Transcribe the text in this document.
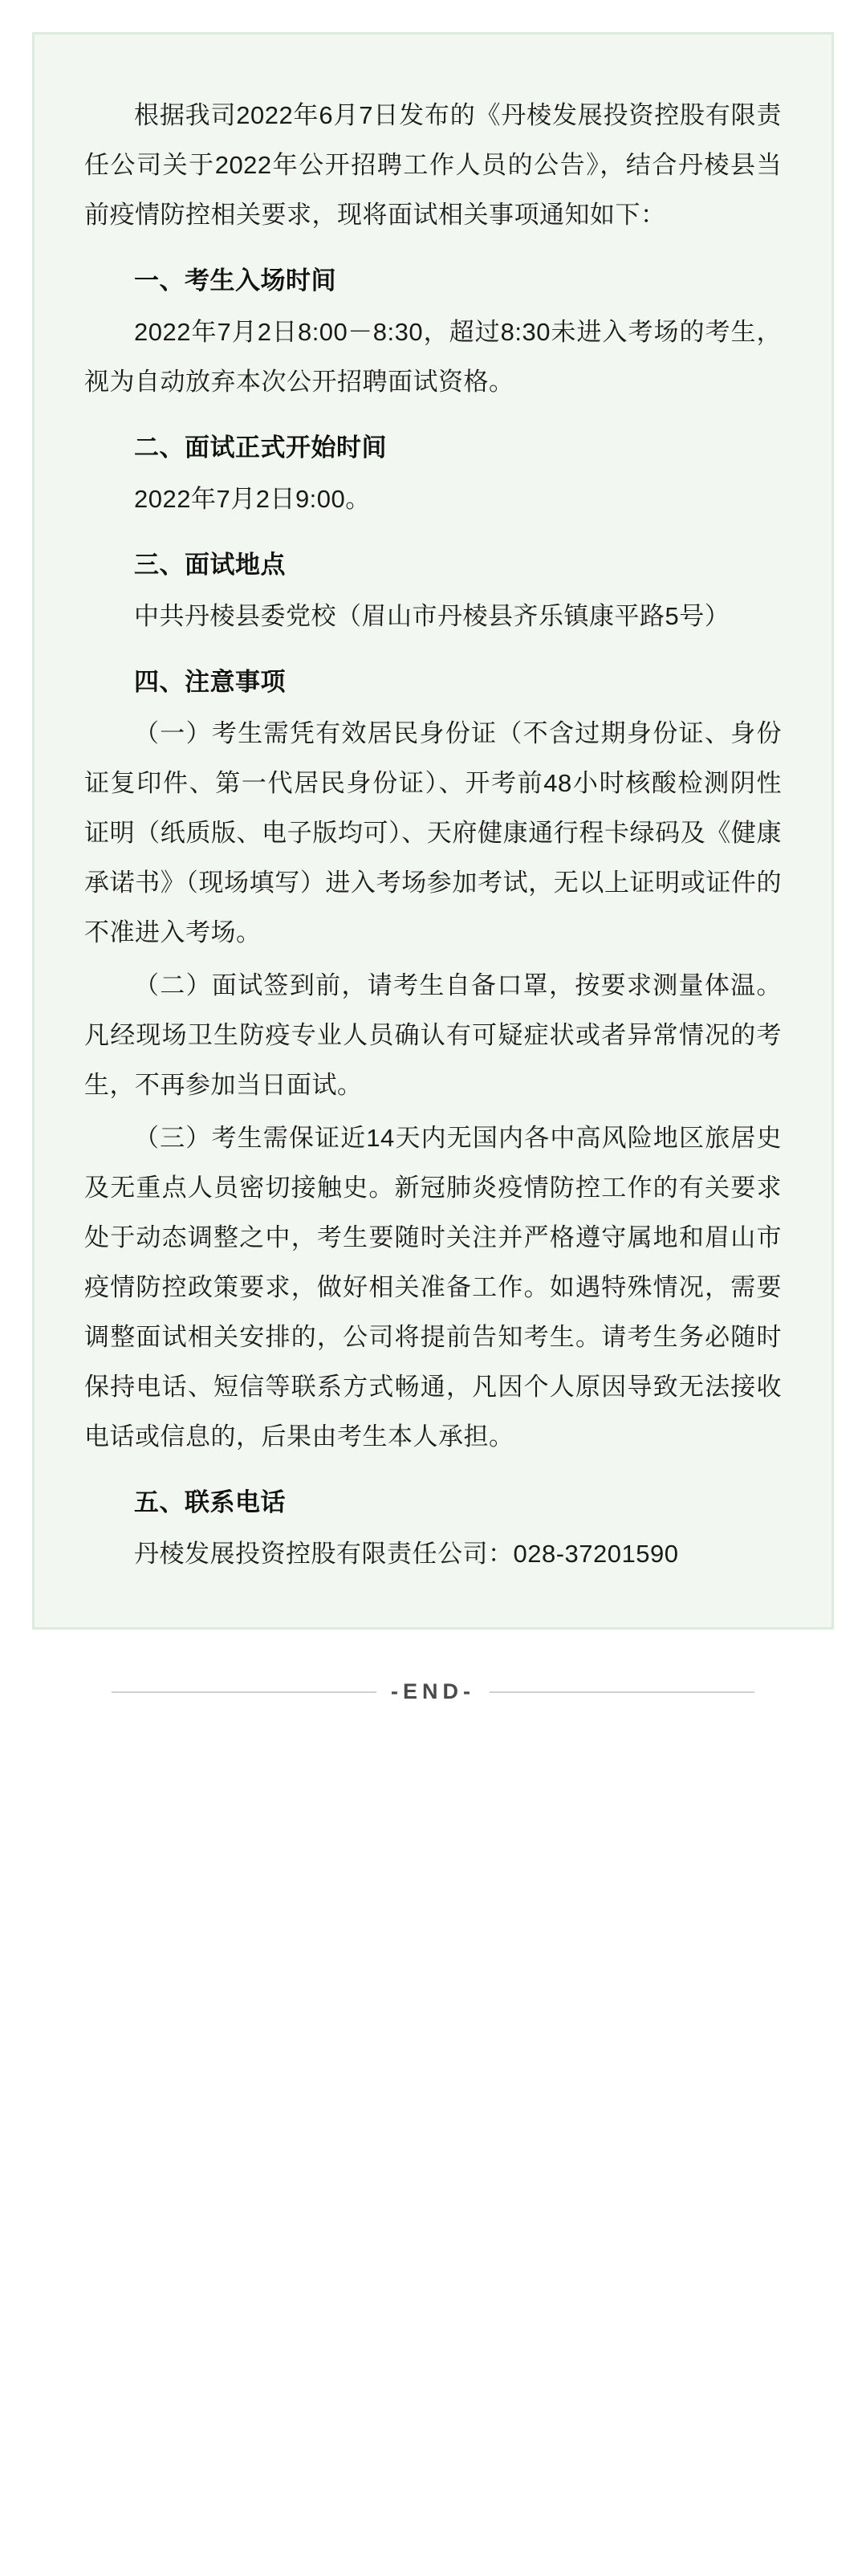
根据我司2022年6月7日发布的《丹棱发展投资控股有限责任公司关于2022年公开招聘工作人员的公告》，结合丹棱县当前疫情防控相关要求，现将面试相关事项通知如下：

一、考生入场时间

2022年7月2日8:00－8:30，超过8:30未进入考场的考生，视为自动放弃本次公开招聘面试资格。

二、面试正式开始时间

2022年7月2日9:00。

三、面试地点

中共丹棱县委党校（眉山市丹棱县齐乐镇康平路5号）

四、注意事项

（一）考生需凭有效居民身份证（不含过期身份证、身份证复印件、第一代居民身份证）、开考前48小时核酸检测阴性证明（纸质版、电子版均可）、天府健康通行程卡绿码及《健康承诺书》（现场填写）进入考场参加考试，无以上证明或证件的不准进入考场。

（二）面试签到前，请考生自备口罩，按要求测量体温。凡经现场卫生防疫专业人员确认有可疑症状或者异常情况的考生，不再参加当日面试。

（三）考生需保证近14天内无国内各中高风险地区旅居史及无重点人员密切接触史。新冠肺炎疫情防控工作的有关要求处于动态调整之中，考生要随时关注并严格遵守属地和眉山市疫情防控政策要求，做好相关准备工作。如遇特殊情况，需要调整面试相关安排的，公司将提前告知考生。请考生务必随时保持电话、短信等联系方式畅通，凡因个人原因导致无法接收电话或信息的，后果由考生本人承担。

五、联系电话

丹棱发展投资控股有限责任公司：028-37201590

-END-
